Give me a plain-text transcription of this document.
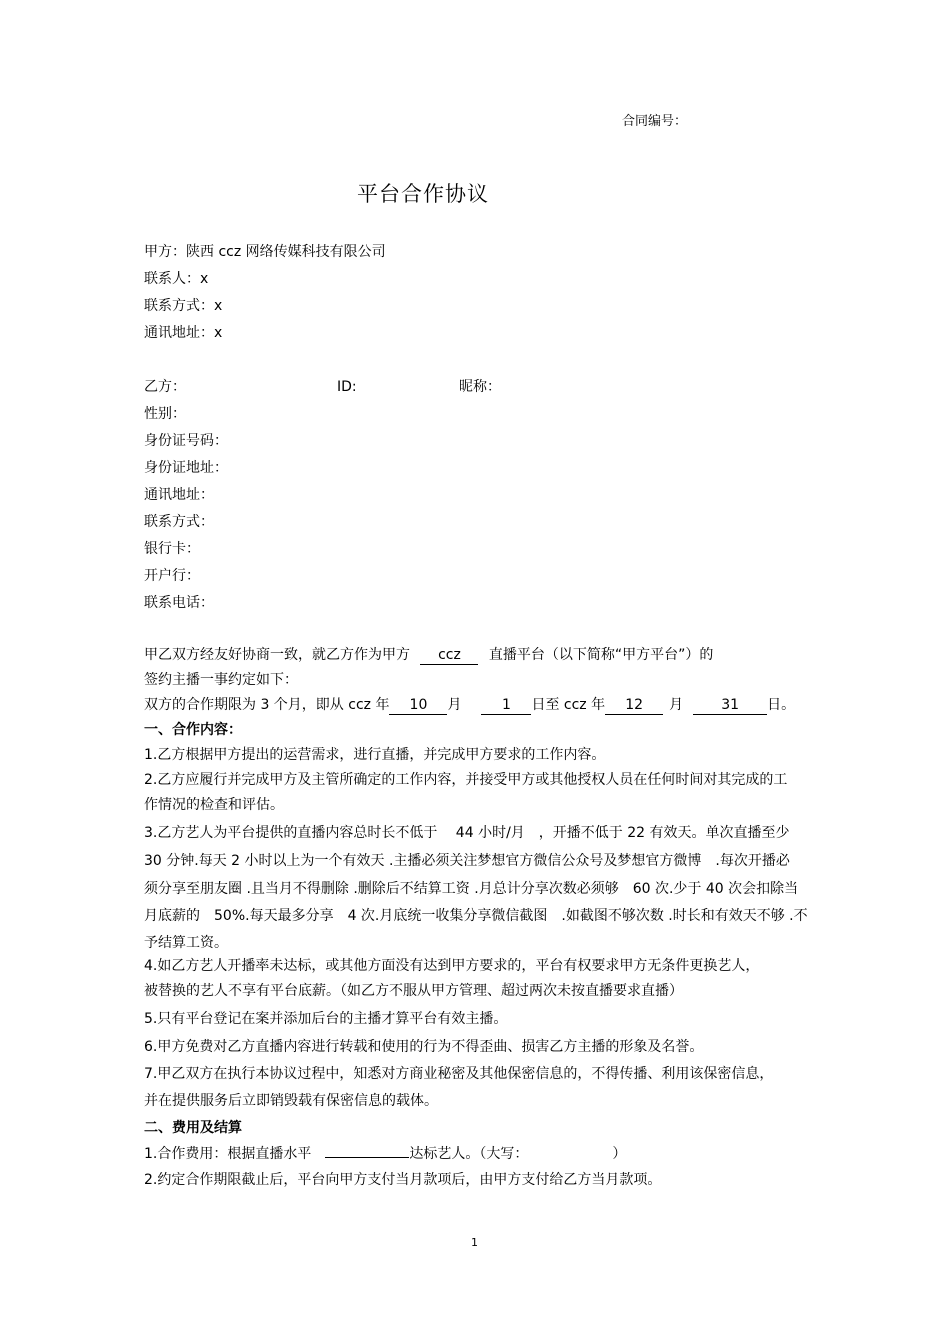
合同编号：
平台合作协议
甲方：陕西 ccz 网络传媒科技有限公司
联系人：x
联系方式：x
通讯地址：x
乙方：	ID:	昵称：
性别：
身份证号码：
身份证地址：
通讯地址：
联系方式：
银行卡：
开户行：
联系电话：
甲乙双方经友好协商一致，就乙方作为甲方 ccz 直播平台（以下简称“甲方平台”）的
签约主播一事约定如下：
双方的合作期限为 3 个月，即从 ccz 年 10 月	1 日至 ccz 年 12 月	31 日。
一、合作内容：
1.乙方根据甲方提出的运营需求，进行直播，并完成甲方要求的工作内容。
2.乙方应履行并完成甲方及主管所确定的工作内容，并接受甲方或其他授权人员在任何时间对其完成的工
作情况的检查和评估。
3.乙方艺人为平台提供的直播内容总时长不低于　 44 小时/月　，开播不低于 22 有效天。单次直播至少
30 分钟.每天 2 小时以上为一个有效天 .主播必须关注梦想官方微信公众号及梦想官方微博　.每次开播必
须分享至朋友圈 .且当月不得删除 .删除后不结算工资 .月总计分享次数必须够　60 次.少于 40 次会扣除当
月底薪的　50%.每天最多分享　4 次.月底统一收集分享微信截图　.如截图不够次数 .时长和有效天不够 .不
予结算工资。
4.如乙方艺人开播率未达标，或其他方面没有达到甲方要求的，平台有权要求甲方无条件更换艺人，
被替换的艺人不享有平台底薪。（如乙方不服从甲方管理、超过两次未按直播要求直播）
5.只有平台登记在案并添加后台的主播才算平台有效主播。
6.甲方免费对乙方直播内容进行转载和使用的行为不得歪曲、损害乙方主播的形象及名誉。
7.甲乙双方在执行本协议过程中，知悉对方商业秘密及其他保密信息的，不得传播、利用该保密信息，
并在提供服务后立即销毁载有保密信息的载体。
二、费用及结算
1.合作费用：根据直播水平	达标艺人。（大写：	）
2.约定合作期限截止后，平台向甲方支付当月款项后，由甲方支付给乙方当月款项。
1
